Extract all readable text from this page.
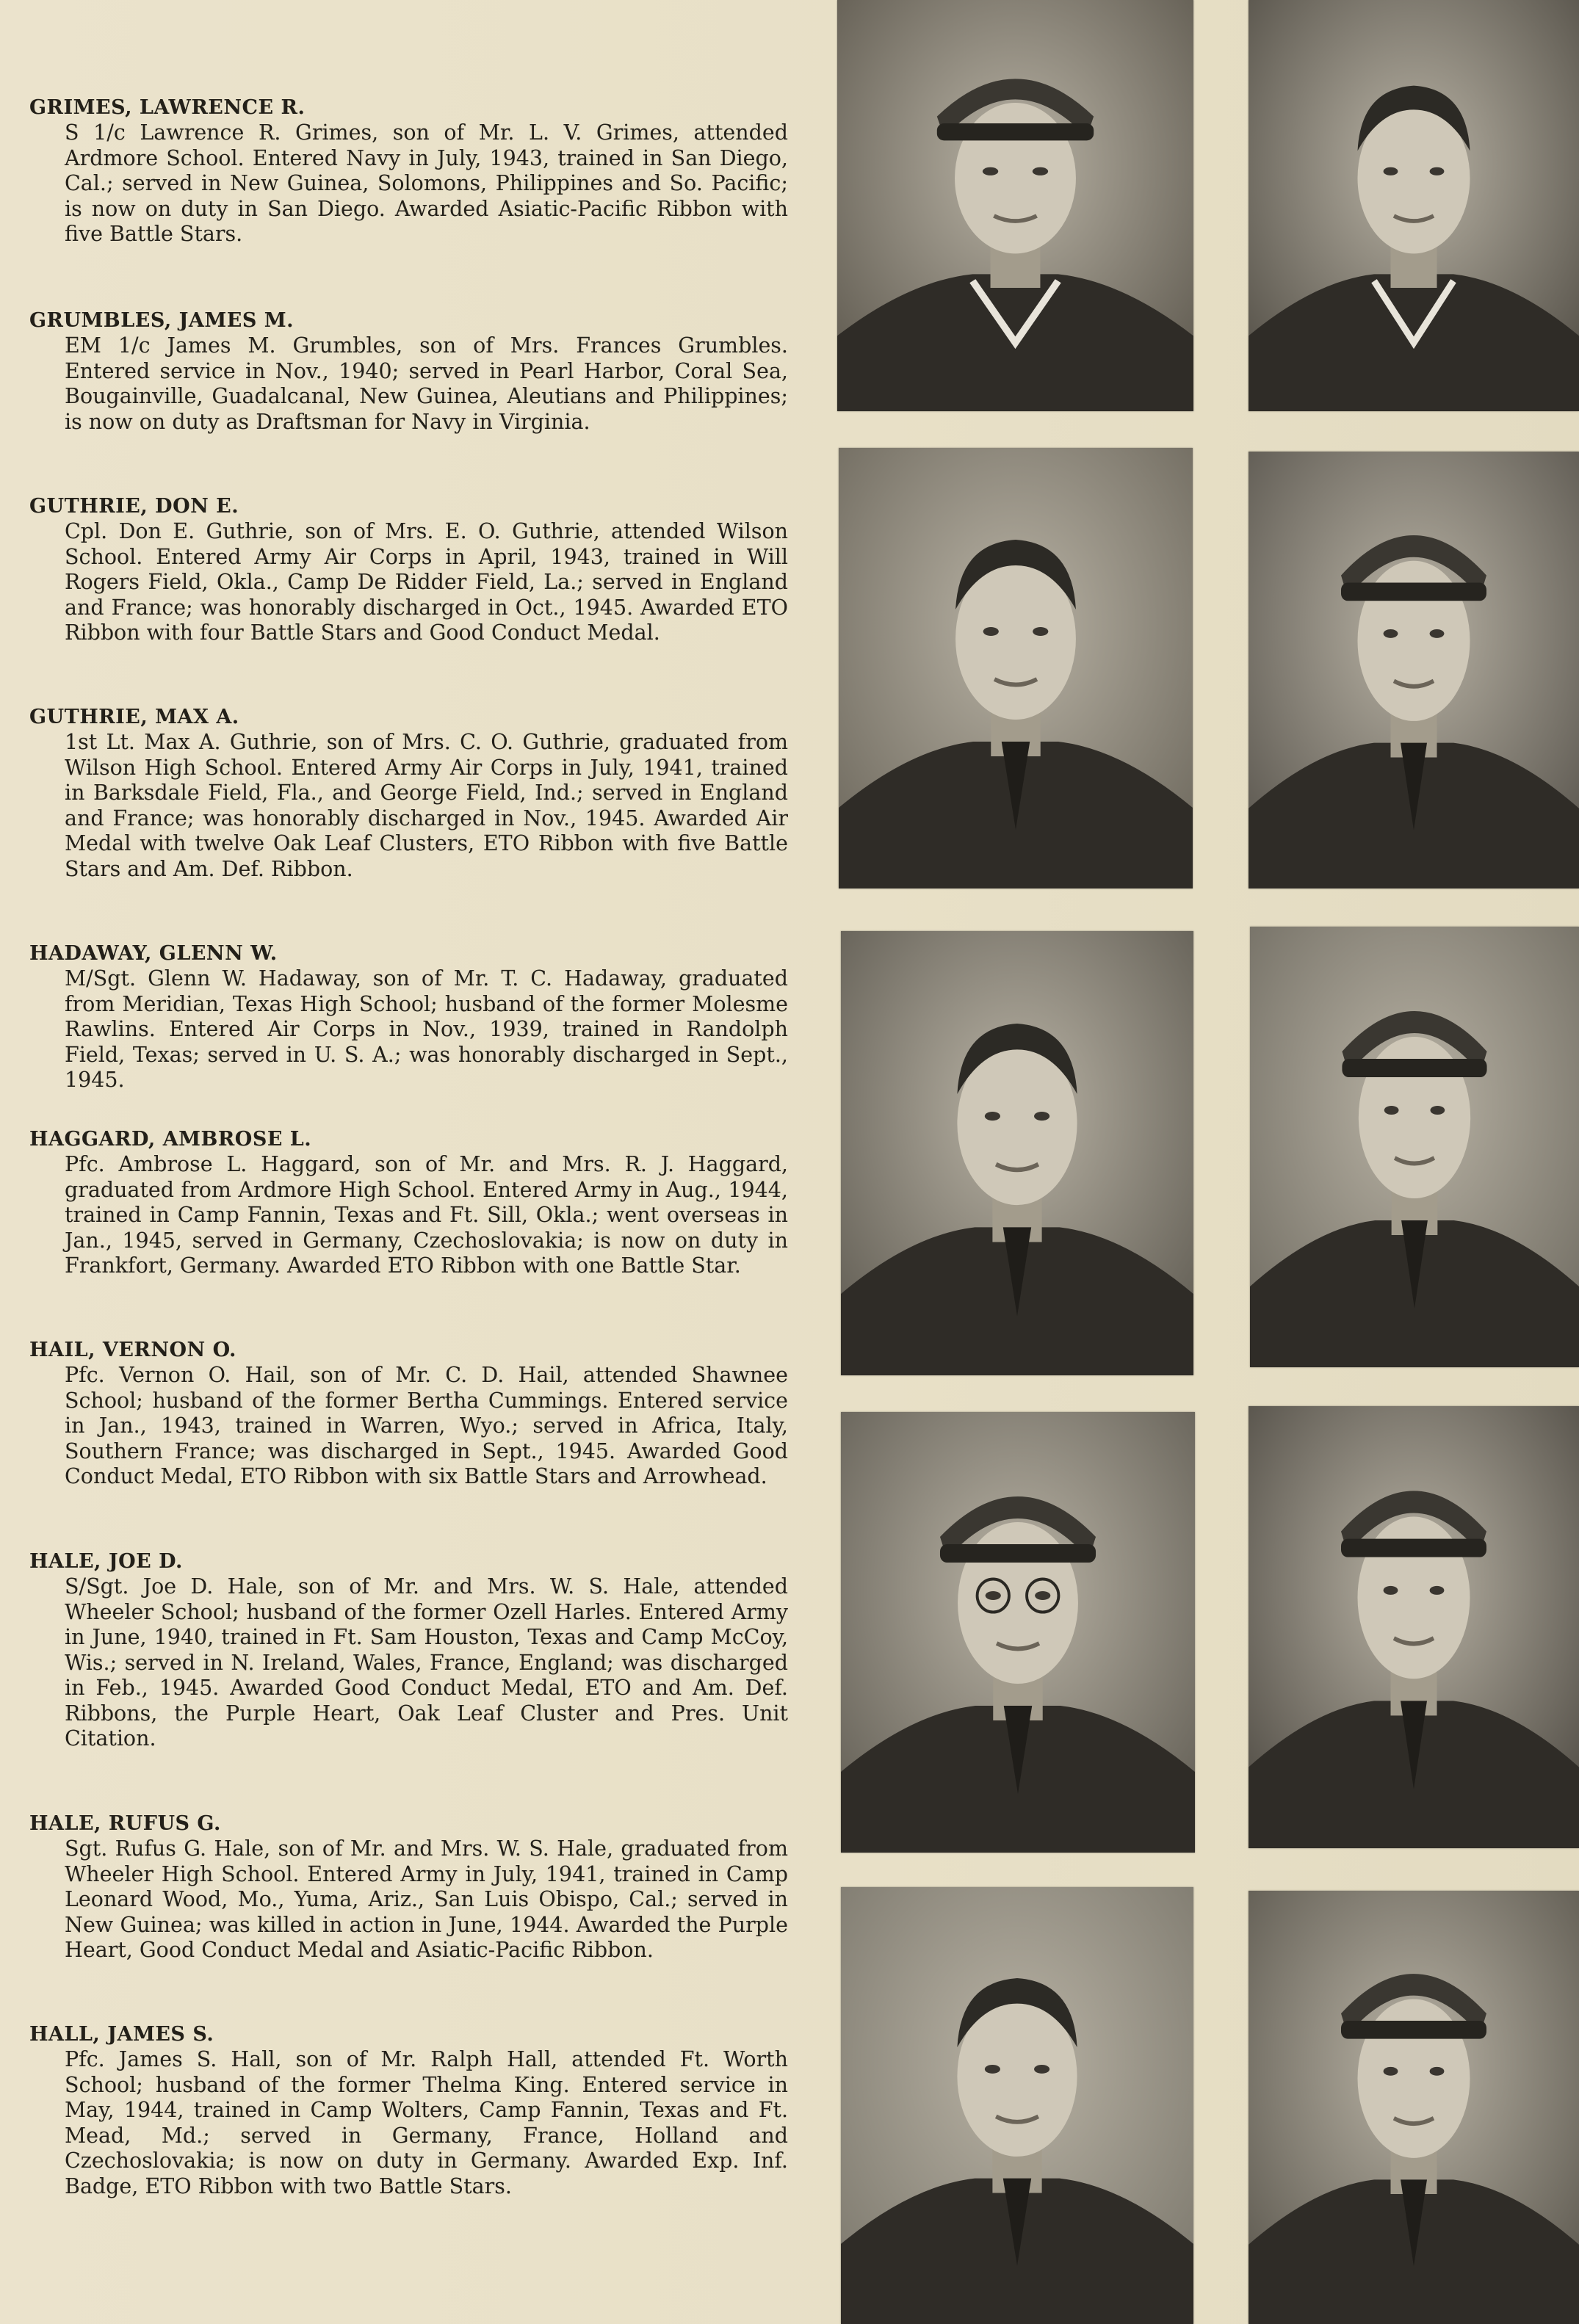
GRIMES, LAWRENCE R.

S 1/c Lawrence R. Grimes, son of Mr. L. V. Grimes, attended Ardmore School. Entered Navy in July, 1943, trained in San Diego, Cal.; served in New Guinea, Solomons, Philippines and So. Pacific; is now on duty in San Diego. Awarded Asiatic-Pacific Ribbon with five Battle Stars.

GRUMBLES, JAMES M.

EM 1/c James M. Grumbles, son of Mrs. Frances Grumbles. Entered service in Nov., 1940; served in Pearl Harbor, Coral Sea, Bougainville, Guadalcanal, New Guinea, Aleutians and Philippines; is now on duty as Draftsman for Navy in Virginia.

GUTHRIE, DON E.

Cpl. Don E. Guthrie, son of Mrs. E. O. Guthrie, attended Wilson School. Entered Army Air Corps in April, 1943, trained in Will Rogers Field, Okla., Camp De Ridder Field, La.; served in England and France; was honorably discharged in Oct., 1945. Awarded ETO Ribbon with four Battle Stars and Good Conduct Medal.

GUTHRIE, MAX A.

1st Lt. Max A. Guthrie, son of Mrs. C. O. Guthrie, graduated from Wilson High School. Entered Army Air Corps in July, 1941, trained in Barksdale Field, Fla., and George Field, Ind.; served in England and France; was honorably discharged in Nov., 1945. Awarded Air Medal with twelve Oak Leaf Clusters, ETO Ribbon with five Battle Stars and Am. Def. Ribbon.

HADAWAY, GLENN W.

M/Sgt. Glenn W. Hadaway, son of Mr. T. C. Hadaway, graduated from Meridian, Texas High School; husband of the former Molesme Rawlins. Entered Air Corps in Nov., 1939, trained in Randolph Field, Texas; served in U. S. A.; was honorably discharged in Sept., 1945.

HAGGARD, AMBROSE L.

Pfc. Ambrose L. Haggard, son of Mr. and Mrs. R. J. Haggard, graduated from Ardmore High School. Entered Army in Aug., 1944, trained in Camp Fannin, Texas and Ft. Sill, Okla.; went overseas in Jan., 1945, served in Germany, Czechoslovakia; is now on duty in Frankfort, Germany. Awarded ETO Ribbon with one Battle Star.

HAIL, VERNON O.

Pfc. Vernon O. Hail, son of Mr. C. D. Hail, attended Shawnee School; husband of the former Bertha Cummings. Entered service in Jan., 1943, trained in Warren, Wyo.; served in Africa, Italy, Southern France; was discharged in Sept., 1945. Awarded Good Conduct Medal, ETO Ribbon with six Battle Stars and Arrowhead.

HALE, JOE D.

S/Sgt. Joe D. Hale, son of Mr. and Mrs. W. S. Hale, attended Wheeler School; husband of the former Ozell Harles. Entered Army in June, 1940, trained in Ft. Sam Houston, Texas and Camp McCoy, Wis.; served in N. Ireland, Wales, France, England; was discharged in Feb., 1945. Awarded Good Conduct Medal, ETO and Am. Def. Ribbons, the Purple Heart, Oak Leaf Cluster and Pres. Unit Citation.

HALE, RUFUS G.

Sgt. Rufus G. Hale, son of Mr. and Mrs. W. S. Hale, graduated from Wheeler High School. Entered Army in July, 1941, trained in Camp Leonard Wood, Mo., Yuma, Ariz., San Luis Obispo, Cal.; served in New Guinea; was killed in action in June, 1944. Awarded the Purple Heart, Good Conduct Medal and Asiatic-Pacific Ribbon.

HALL, JAMES S.

Pfc. James S. Hall, son of Mr. Ralph Hall, attended Ft. Worth School; husband of the former Thelma King. Entered service in May, 1944, trained in Camp Wolters, Camp Fannin, Texas and Ft. Mead, Md.; served in Germany, France, Holland and Czechoslovakia; is now on duty in Germany. Awarded Exp. Inf. Badge, ETO Ribbon with two Battle Stars.
